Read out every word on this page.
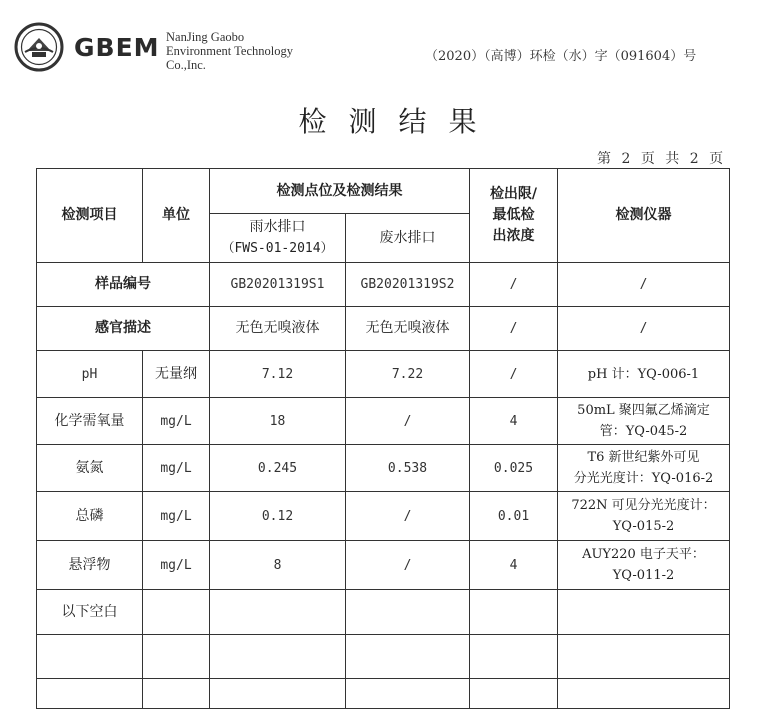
GBEM NanJing Gaobo
Environment Technology
Co.,Inc.
（2020）（高博）环检（水）字（091604）号
检测结果
第 2 页 共 2 页
检测项目	单位	检测点位及检测结果		检出限/
最低检
出浓度	检测仪器

		雨水排口
（FWS-01-2014）	废水排口		
样品编号		GB20201319S1	GB20201319S2	/	/
感官描述		无色无嗅液体	无色无嗅液体	/	/
pH	无量纲	7.12	7.22	/	pH 计：YQ-006-1

化学需氧量	mg/L	18	/	4	50mL 聚四氟乙烯滴定
管：YQ-045-2

氨氮	mg/L	0.245	0.538	0.025	T6 新世纪紫外可见
分光光度计：YQ-016-2

总磷	mg/L	0.12	/	0.01	722N 可见分光光度计：
YQ-015-2

悬浮物	mg/L	8	/	4	AUY220 电子天平：
YQ-011-2

以下空白					
